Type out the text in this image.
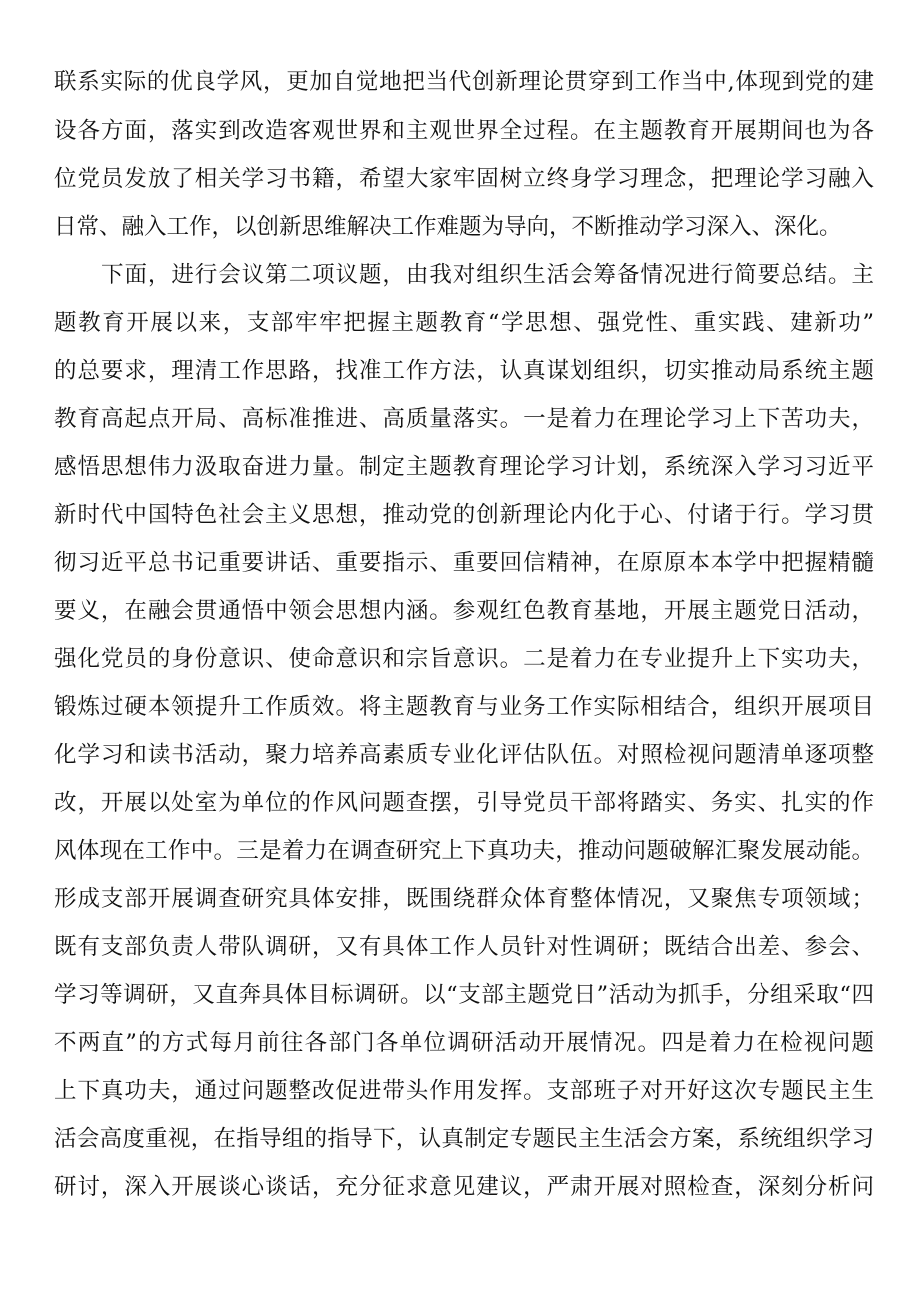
联系实际的优良学风，更加自觉地把当代创新理论贯穿到工作当中,体现到党的建
设各方面，落实到改造客观世界和主观世界全过程。在主题教育开展期间也为各
位党员发放了相关学习书籍，希望大家牢固树立终身学习理念，把理论学习融入
日常、融入工作，以创新思维解决工作难题为导向，不断推动学习深入、深化。
下面，进行会议第二项议题，由我对组织生活会筹备情况进行简要总结。主
题教育开展以来，支部牢牢把握主题教育“学思想、强党性、重实践、建新功”
的总要求，理清工作思路，找准工作方法，认真谋划组织，切实推动局系统主题
教育高起点开局、高标准推进、高质量落实。一是着力在理论学习上下苦功夫，
感悟思想伟力汲取奋进力量。制定主题教育理论学习计划，系统深入学习习近平
新时代中国特色社会主义思想，推动党的创新理论内化于心、付诸于行。学习贯
彻习近平总书记重要讲话、重要指示、重要回信精神，在原原本本学中把握精髓
要义，在融会贯通悟中领会思想内涵。参观红色教育基地，开展主题党日活动，
强化党员的身份意识、使命意识和宗旨意识。二是着力在专业提升上下实功夫，
锻炼过硬本领提升工作质效。将主题教育与业务工作实际相结合，组织开展项目
化学习和读书活动，聚力培养高素质专业化评估队伍。对照检视问题清单逐项整
改，开展以处室为单位的作风问题查摆，引导党员干部将踏实、务实、扎实的作
风体现在工作中。三是着力在调查研究上下真功夫，推动问题破解汇聚发展动能。
形成支部开展调查研究具体安排，既围绕群众体育整体情况，又聚焦专项领域；
既有支部负责人带队调研，又有具体工作人员针对性调研；既结合出差、参会、
学习等调研，又直奔具体目标调研。以“支部主题党日”活动为抓手，分组采取“四
不两直”的方式每月前往各部门各单位调研活动开展情况。四是着力在检视问题
上下真功夫，通过问题整改促进带头作用发挥。支部班子对开好这次专题民主生
活会高度重视，在指导组的指导下，认真制定专题民主生活会方案，系统组织学习
研讨，深入开展谈心谈话，充分征求意见建议，严肃开展对照检查，深刻分析问
